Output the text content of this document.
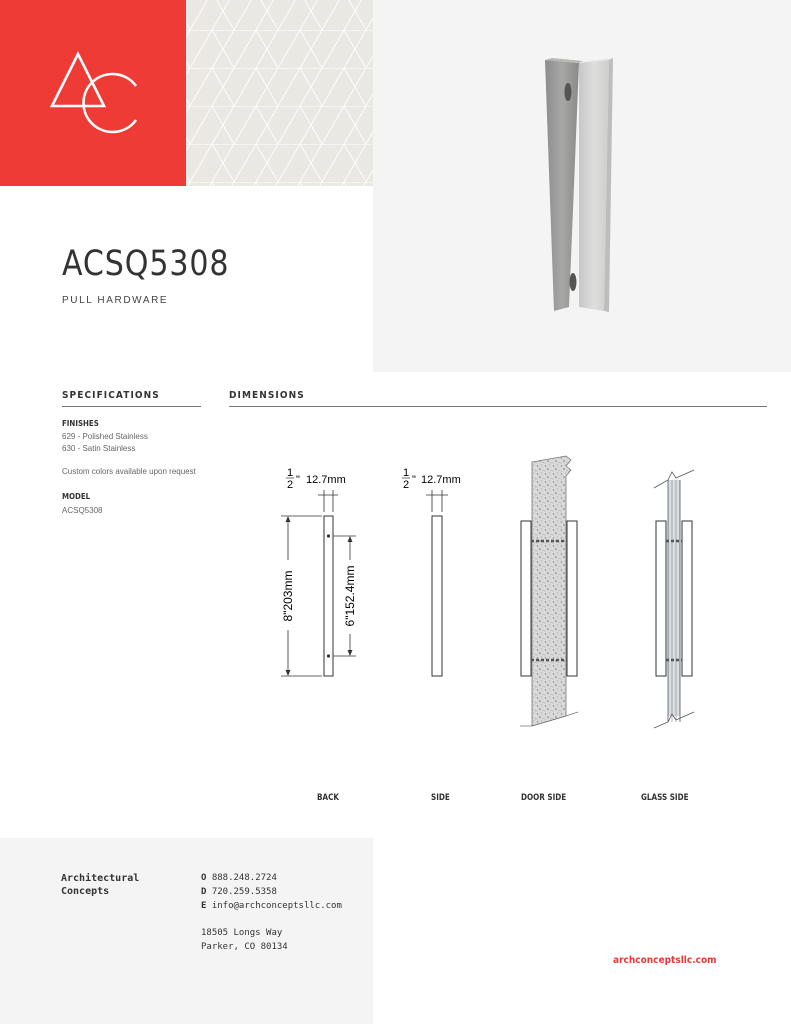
ACSQ5308
PULL HARDWARE
SPECIFICATIONS	DIMENSIONS
FINISHES
629 - Polished Stainless
630 - Satin Stainless
Custom colors available upon request
MODEL
ACSQ5308
1
2 " 12.7mm
8"203mm	6"152.4mm
1
2 " 12.7mm
BACK	SIDE	DOOR SIDE	GLASS SIDE
Architectural
Concepts
O 888.248.2724
D 720.259.5358
E info@archconceptsllc.com
18505 Longs Way
Parker, CO 80134
archconceptsllc.com
